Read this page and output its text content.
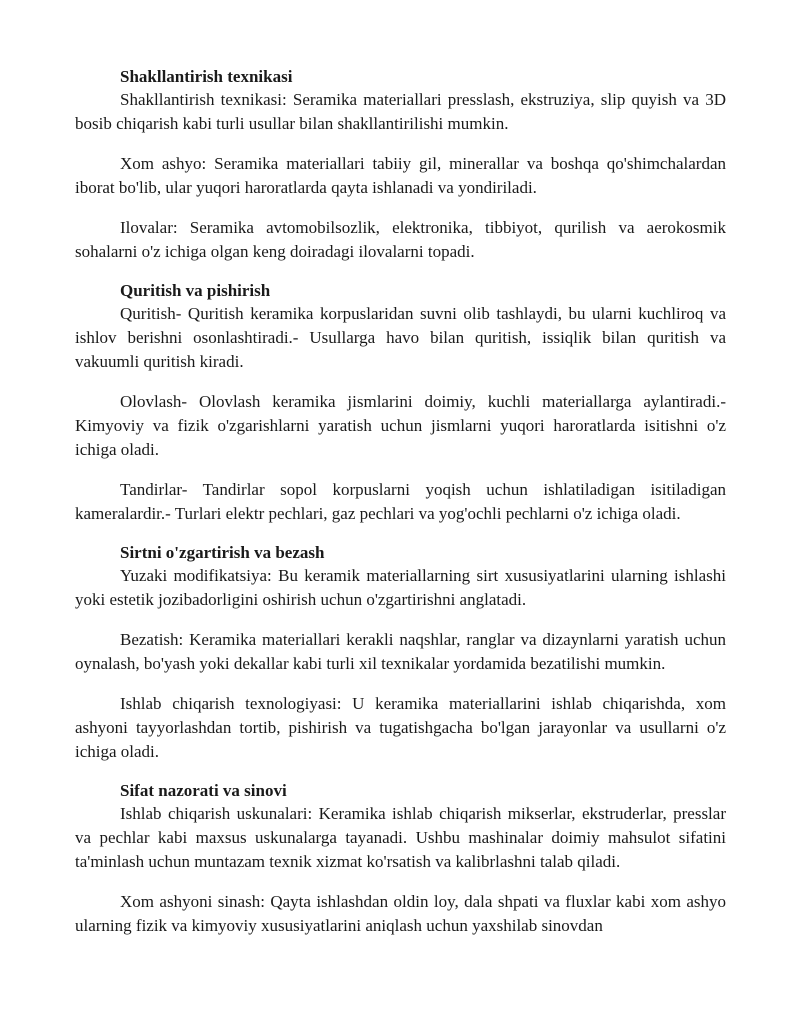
Shakllantirish texnikasi

Shakllantirish texnikasi: Seramika materiallari presslash, ekstruziya, slip quyish va 3D bosib chiqarish kabi turli usullar bilan shakllantirilishi mumkin.

Xom ashyo: Seramika materiallari tabiiy gil, minerallar va boshqa qo'shimchalardan iborat bo'lib, ular yuqori haroratlarda qayta ishlanadi va yondiriladi.

Ilovalar: Seramika avtomobilsozlik, elektronika, tibbiyot, qurilish va aerokosmik sohalarni o'z ichiga olgan keng doiradagi ilovalarni topadi.

Quritish va pishirish

Quritish- Quritish keramika korpuslaridan suvni olib tashlaydi, bu ularni kuchliroq va ishlov berishni osonlashtiradi.- Usullarga havo bilan quritish, issiqlik bilan quritish va vakuumli quritish kiradi.

Olovlash- Olovlash keramika jismlarini doimiy, kuchli materiallarga aylantiradi.- Kimyoviy va fizik o'zgarishlarni yaratish uchun jismlarni yuqori haroratlarda isitishni o'z ichiga oladi.

Tandirlar- Tandirlar sopol korpuslarni yoqish uchun ishlatiladigan isitiladigan kameralardir.- Turlari elektr pechlari, gaz pechlari va yog'ochli pechlarni o'z ichiga oladi.

Sirtni o'zgartirish va bezash

Yuzaki modifikatsiya: Bu keramik materiallarning sirt xususiyatlarini ularning ishlashi yoki estetik jozibadorligini oshirish uchun o'zgartirishni anglatadi.

Bezatish: Keramika materiallari kerakli naqshlar, ranglar va dizaynlarni yaratish uchun oynalash, bo'yash yoki dekallar kabi turli xil texnikalar yordamida bezatilishi mumkin.

Ishlab chiqarish texnologiyasi: U keramika materiallarini ishlab chiqarishda, xom ashyoni tayyorlashdan tortib, pishirish va tugatishgacha bo'lgan jarayonlar va usullarni o'z ichiga oladi.

Sifat nazorati va sinovi

Ishlab chiqarish uskunalari: Keramika ishlab chiqarish mikserlar, ekstruderlar, presslar va pechlar kabi maxsus uskunalarga tayanadi. Ushbu mashinalar doimiy mahsulot sifatini ta'minlash uchun muntazam texnik xizmat ko'rsatish va kalibrlashni talab qiladi.

Xom ashyoni sinash: Qayta ishlashdan oldin loy, dala shpati va fluxlar kabi xom ashyo ularning fizik va kimyoviy xususiyatlarini aniqlash uchun yaxshilab sinovdan
